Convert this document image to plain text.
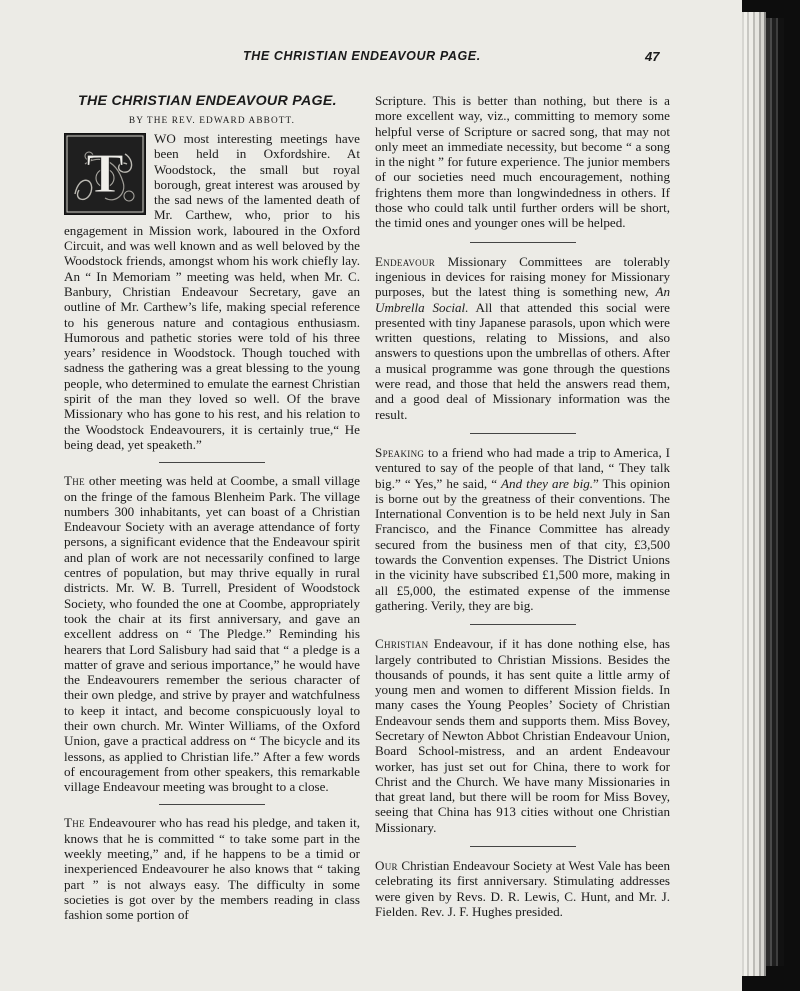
THE CHRISTIAN ENDEAVOUR PAGE.	47
THE CHRISTIAN ENDEAVOUR PAGE.
BY THE REV. EDWARD ABBOTT.

T
WO most interesting meetings have been held in Oxfordshire. At Woodstock, the small but royal borough, great interest was aroused by the sad news of the lamented death of Mr. Carthew, who, prior to his engagement in Mission work, laboured in the Oxford Circuit, and was well known and as well beloved by the Woodstock friends, amongst whom his work chiefly lay. An “ In Memoriam ” meeting was held, when Mr. C. Banbury, Christian Endeavour Secretary, gave an outline of Mr. Carthew’s life, making special reference to his generous nature and contagious enthusiasm. Humorous and pathetic stories were told of his three years’ residence in Woodstock. Though touched with sadness the gathering was a great blessing to the young people, who determined to emulate the earnest Christian spirit of the man they loved so well. Of the brave Missionary who has gone to his rest, and his relation to the Woodstock Endeavourers, it is certainly true,“ He being dead, yet speaketh.”

The other meeting was held at Coombe, a small village on the fringe of the famous Blenheim Park. The village numbers 300 inhabitants, yet can boast of a Christian Endeavour Society with an average attendance of forty persons, a significant evidence that the Endeavour spirit and plan of work are not necessarily confined to large centres of population, but may thrive equally in rural districts. Mr. W. B. Turrell, President of Woodstock Society, who founded the one at Coombe, appropriately took the chair at its first anniversary, and gave an excellent address on “ The Pledge.” Reminding his hearers that Lord Salisbury had said that “ a pledge is a matter of grave and serious importance,” he would have the Endeavourers remember the serious character of their own pledge, and strive by prayer and watchfulness to keep it intact, and become conspicuously loyal to their own church. Mr. Winter Williams, of the Oxford Union, gave a practical address on “ The bicycle and its lessons, as applied to Christian life.” After a few words of encouragement from other speakers, this remarkable village Endeavour meeting was brought to a close.

The Endeavourer who has read his pledge, and taken it, knows that he is committed “ to take some part in the weekly meeting,” and, if he happens to be a timid or inexperienced Endeavourer he also knows that “ taking part ” is not always easy. The difficulty in some societies is got over by the members reading in class fashion some portion of

Scripture. This is better than nothing, but there is a more excellent way, viz., committing to memory some helpful verse of Scripture or sacred song, that may not only meet an immediate necessity, but become “ a song in the night ” for future experience. The junior members of our societies need much encouragement, nothing frightens them more than longwindedness in others. If those who could talk until further orders will be short, the timid ones and younger ones will be helped.

Endeavour Missionary Committees are tolerably ingenious in devices for raising money for Missionary purposes, but the latest thing is something new, An Umbrella Social. All that attended this social were presented with tiny Japanese parasols, upon which were written questions, relating to Missions, and also answers to questions upon the umbrellas of others. After a musical programme was gone through the questions were read, and those that held the answers read them, and a good deal of Missionary information was the result.

Speaking to a friend who had made a trip to America, I ventured to say of the people of that land, “ They talk big.” “ Yes,” he said, “ And they are big.” This opinion is borne out by the greatness of their conventions. The International Convention is to be held next July in San Francisco, and the Finance Committee has already secured from the business men of that city, £3,500 towards the Convention expenses. The District Unions in the vicinity have subscribed £1,500 more, making in all £5,000, the estimated expense of the immense gathering. Verily, they are big.

Christian Endeavour, if it has done nothing else, has largely contributed to Christian Missions. Besides the thousands of pounds, it has sent quite a little army of young men and women to different Mission fields. In many cases the Young Peoples’ Society of Christian Endeavour sends them and supports them. Miss Bovey, Secretary of Newton Abbot Christian Endeavour Union, Board School-mistress, and an ardent Endeavour worker, has just set out for China, there to work for Christ and the Church. We have many Missionaries in that great land, but there will be room for Miss Bovey, seeing that China has 913 cities without one Christian Missionary.

Our Christian Endeavour Society at West Vale has been celebrating its first anniversary. Stimulating addresses were given by Revs. D. R. Lewis, C. Hunt, and Mr. J. Fielden. Rev. J. F. Hughes presided.
